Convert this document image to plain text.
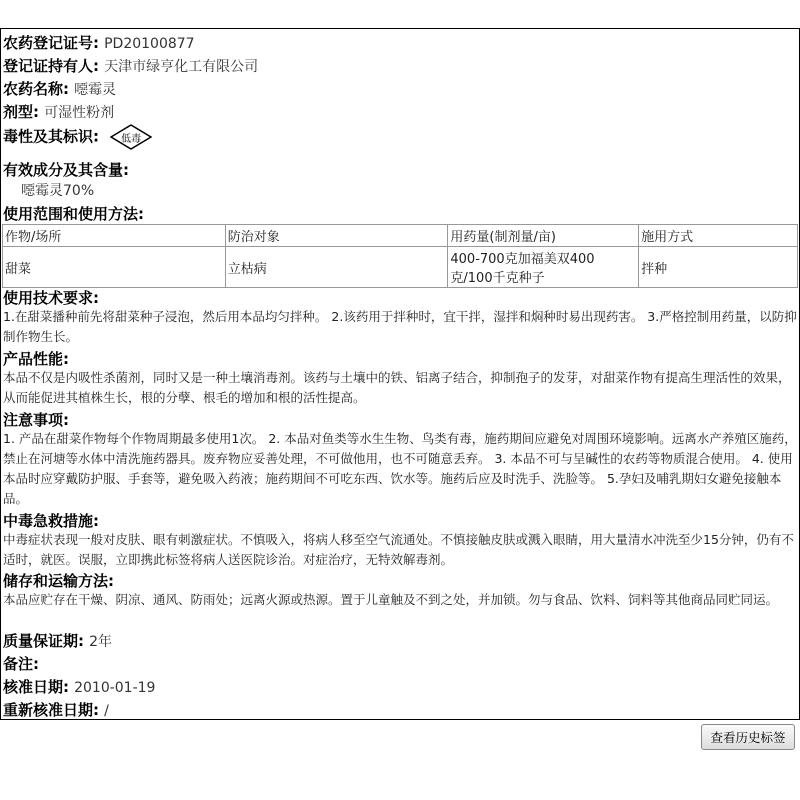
农药登记证号: PD20100877
登记证持有人: 天津市绿亨化工有限公司
农药名称: 噁霉灵
剂型: 可湿性粉剂
毒性及其标识:	低毒
有效成分及其含量:
噁霉灵70%
使用范围和使用方法:
作物/场所	防治对象	用药量(制剂量/亩)	施用方式
甜菜	立枯病	400-700克加福美双400克/100千克种子	拌种
使用技术要求:
1.在甜菜播种前先将甜菜种子浸泡，然后用本品均匀拌种。 2.该药用于拌种时，宜干拌，湿拌和焖种时易出现药害。 3.严格控制用药量，以防抑制作物生长。
产品性能:
本品不仅是内吸性杀菌剂，同时又是一种土壤消毒剂。该药与土壤中的铁、铝离子结合，抑制孢子的发芽，对甜菜作物有提高生理活性的效果，从而能促进其植株生长，根的分孽、根毛的增加和根的活性提高。
注意事项:
1. 产品在甜菜作物每个作物周期最多使用1次。 2. 本品对鱼类等水生生物、鸟类有毒，施药期间应避免对周围环境影响。远离水产养殖区施药，禁止在河塘等水体中清洗施药器具。废弃物应妥善处理，不可做他用，也不可随意丢弃。 3. 本品不可与呈碱性的农药等物质混合使用。 4. 使用本品时应穿戴防护服、手套等，避免吸入药液；施药期间不可吃东西、饮水等。施药后应及时洗手、洗脸等。 5.孕妇及哺乳期妇女避免接触本品。
中毒急救措施:
中毒症状表现一般对皮肤、眼有刺激症状。不慎吸入，将病人移至空气流通处。不慎接触皮肤或溅入眼睛，用大量清水冲洗至少15分钟，仍有不适时，就医。误服，立即携此标签将病人送医院诊治。对症治疗，无特效解毒剂。
储存和运输方法:
本品应贮存在干燥、阴凉、通风、防雨处；远离火源或热源。置于儿童触及不到之处，并加锁。勿与食品、饮料、饲料等其他商品同贮同运。
质量保证期: 2年
备注:
核准日期: 2010-01-19
重新核准日期: /
查看历史标签
